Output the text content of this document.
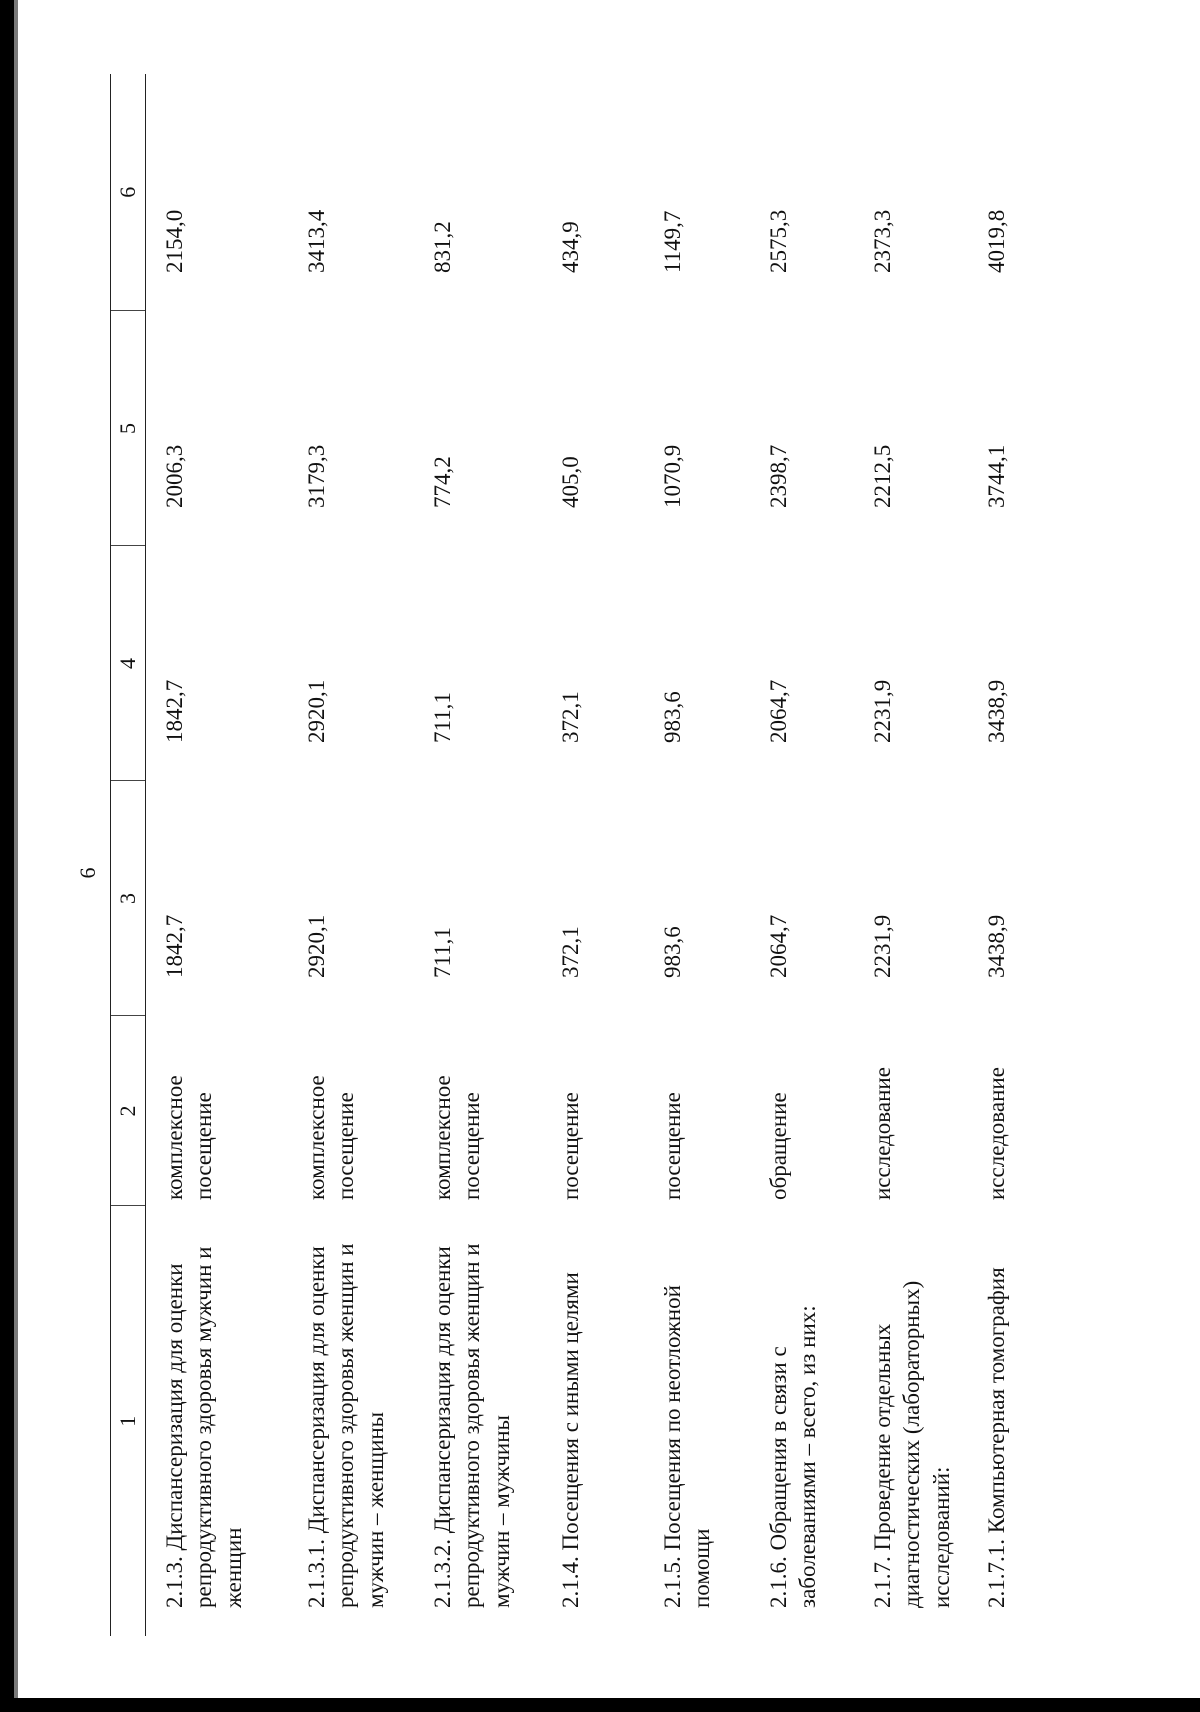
6
1	2	3	4	5	6
2.1.3. Диспансеризация для оценки репродуктивного здоровья мужчин и женщин	комплексное посещение	1842,7	1842,7	2006,3	2154,0
2.1.3.1. Диспансеризация для оценки репродуктивного здоровья женщин и мужчин – женщины	комплексное посещение	2920,1	2920,1	3179,3	3413,4
2.1.3.2. Диспансеризация для оценки репродуктивного здоровья женщин и мужчин – мужчины	комплексное посещение	711,1	711,1	774,2	831,2
2.1.4. Посещения с иными целями	посещение	372,1	372,1	405,0	434,9
2.1.5. Посещения по неотложной помощи	посещение	983,6	983,6	1070,9	1149,7
2.1.6. Обращения в связи с заболеваниями – всего, из них:	обращение	2064,7	2064,7	2398,7	2575,3
2.1.7. Проведение отдельных диагностических (лабораторных) исследований:	исследование	2231,9	2231,9	2212,5	2373,3
2.1.7.1. Компьютерная томография	исследование	3438,9	3438,9	3744,1	4019,8
